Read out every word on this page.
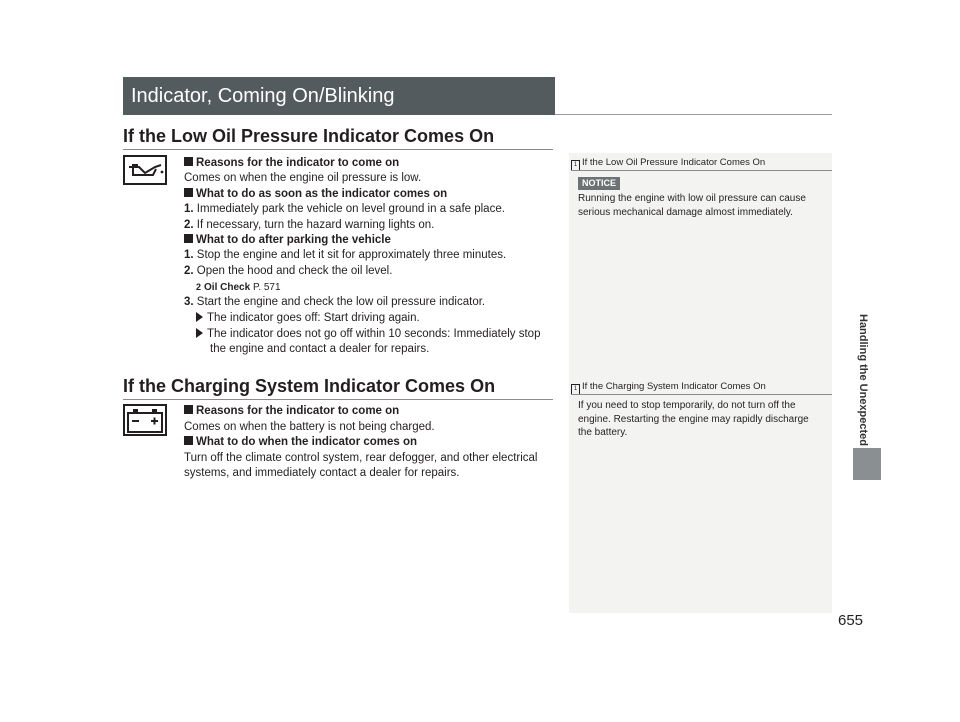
Indicator, Coming On/Blinking
Handling the Unexpected
655
If the Low Oil Pressure Indicator Comes On
Reasons for the indicator to come on
Comes on when the engine oil pressure is low.
What to do as soon as the indicator comes on
1. Immediately park the vehicle on level ground in a safe place.
2. If necessary, turn the hazard warning lights on.
What to do after parking the vehicle
1. Stop the engine and let it sit for approximately three minutes.
2. Open the hood and check the oil level.
2 Oil Check P. 571
3. Start the engine and check the low oil pressure indicator.
The indicator goes off: Start driving again.
The indicator does not go off within 10 seconds: Immediately stop
the engine and contact a dealer for repairs.
If the Charging System Indicator Comes On
Reasons for the indicator to come on
Comes on when the battery is not being charged.
What to do when the indicator comes on
Turn off the climate control system, rear defogger, and other electrical
systems, and immediately contact a dealer for repairs.
1 If the Low Oil Pressure Indicator Comes On
NOTICE
Running the engine with low oil pressure can cause
serious mechanical damage almost immediately.
1 If the Charging System Indicator Comes On
If you need to stop temporarily, do not turn off the
engine. Restarting the engine may rapidly discharge
the battery.
